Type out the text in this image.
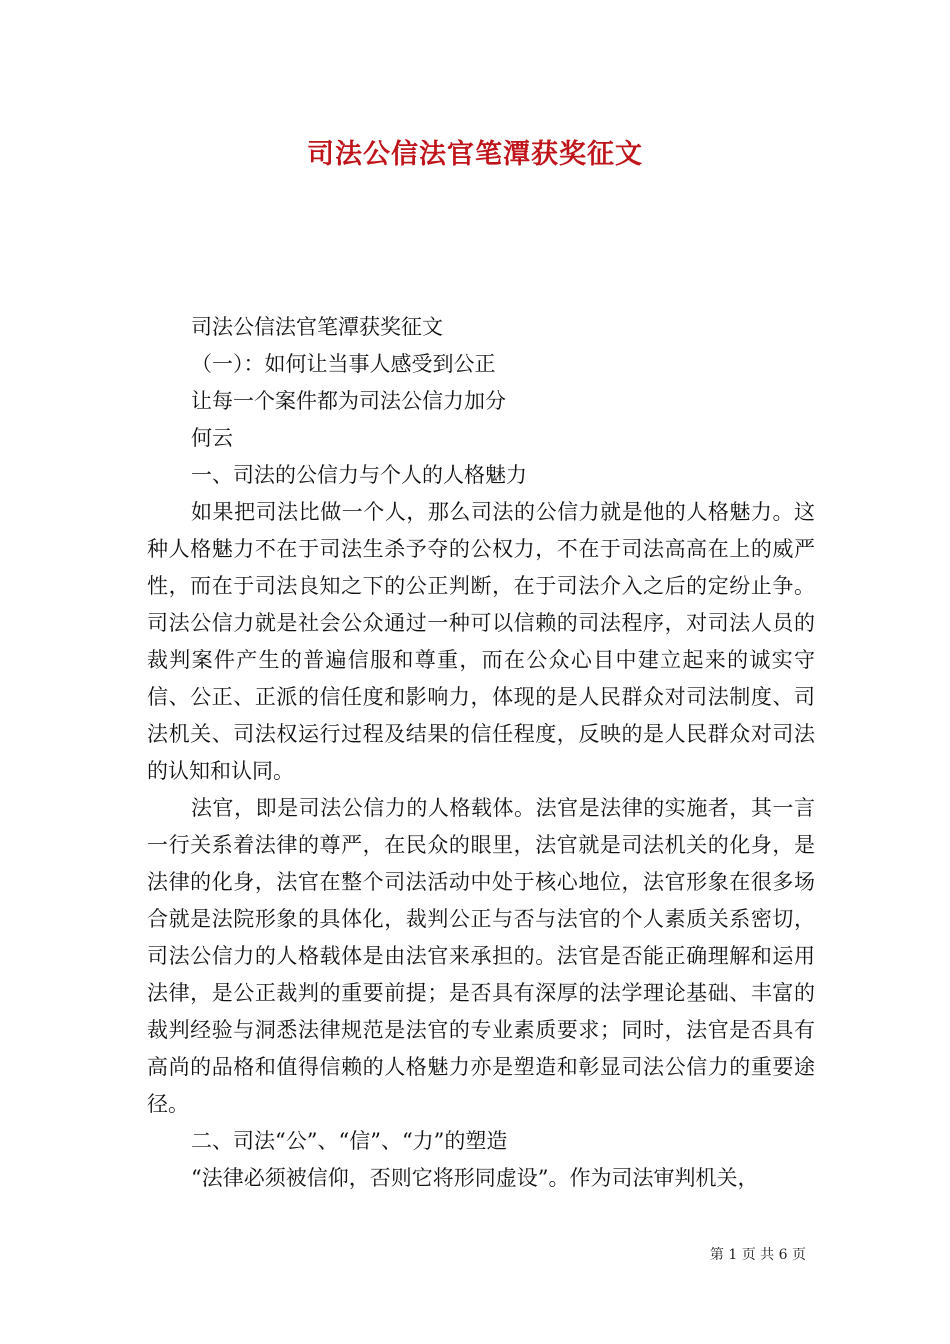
司法公信法官笔潭获奖征文

司法公信法官笔潭获奖征文

（一）：如何让当事人感受到公正

让每一个案件都为司法公信力加分

何云

一、司法的公信力与个人的人格魅力

如果把司法比做一个人，那么司法的公信力就是他的人格魅力。这种人格魅力不在于司法生杀予夺的公权力，不在于司法高高在上的威严性，而在于司法良知之下的公正判断，在于司法介入之后的定纷止争。司法公信力就是社会公众通过一种可以信赖的司法程序，对司法人员的裁判案件产生的普遍信服和尊重，而在公众心目中建立起来的诚实守信、公正、正派的信任度和影响力，体现的是人民群众对司法制度、司法机关、司法权运行过程及结果的信任程度，反映的是人民群众对司法的认知和认同。

法官，即是司法公信力的人格载体。法官是法律的实施者，其一言一行关系着法律的尊严，在民众的眼里，法官就是司法机关的化身，是法律的化身，法官在整个司法活动中处于核心地位，法官形象在很多场合就是法院形象的具体化，裁判公正与否与法官的个人素质关系密切，司法公信力的人格载体是由法官来承担的。法官是否能正确理解和运用法律，是公正裁判的重要前提；是否具有深厚的法学理论基础、丰富的裁判经验与洞悉法律规范是法官的专业素质要求；同时，法官是否具有高尚的品格和值得信赖的人格魅力亦是塑造和彰显司法公信力的重要途径。

二、司法“公”、“信”、“力”的塑造

“法律必须被信仰，否则它将形同虚设”。作为司法审判机关，

第 1 页 共 6 页
